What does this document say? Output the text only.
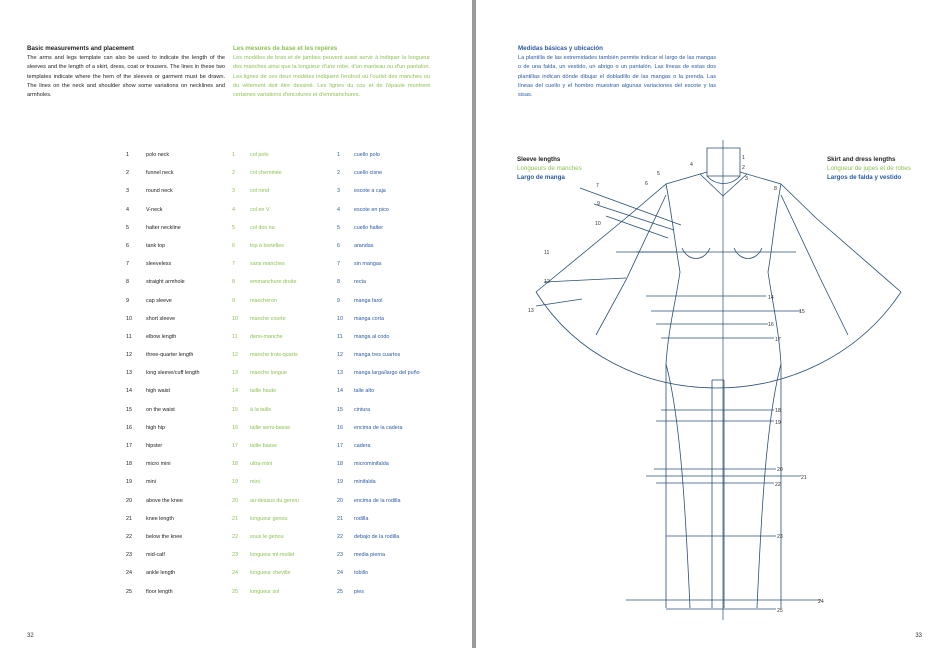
Basic measurements and placement
The arms and legs template can also be used to indicate the length of the sleeves and the length of a skirt, dress, coat or trousers. The lines in these two templates indicate where the hem of the sleeves or garment must be drawn. The lines on the neck and shoulder show some variations on necklines and armholes.
Les mesures de base et les repères
Les modèles de bras et de jambes peuvent aussi servir à indiquer la longueur des manches ainsi que la longueur d'une robe, d'un manteau ou d'un pantalon. Les lignes de ces deux modèles indiquent l'endroit où l'ourlet des manches ou du vêtement doit être dessiné. Les lignes du cou et de l'épaule montrent certaines variations d'encolures et d'emmanchures.
1	polo neck	1	col polo	1	cuello polo
2	funnel neck	2	col cheminée	2	cuello cisne
3	round neck	3	col rond	3	escote a caja
4	V-neck	4	col en V	4	escote en pico
5	halter neckline	5	col dos nu	5	cuello halter
6	tank top	6	top à bretelles	6	arandas
7	sleeveless	7	sans manches	7	sin mangas
8	straight armhole	8	emmanchure droite	8	recta
9	cap sleeve	9	mancheron	9	manga farol
10	short sleeve	10 manche courte	10 manga corta
11	elbow length	11 demi-manche	11 manga al codo
12	three-quarter length	12 manche trois-quarts	12 manga tres cuartos
13	long sleeve/cuff length	13 manche longue	13 manga larga/largo del puño
14	high waist	14 taille haute	14 talle alto
15	on the waist	15 à la taille	15 cintura
16	high hip	16 taille semi-basse	16 encima de la cadera
17	hipster	17 taille basse	17 cadera
18	micro mini	18 ultra-mini	18 microminifalda
19	mini	19 mini	19 minifalda
20	above the knee	20 au-dessus du genou	20 encima de la rodilla
21	knee length	21 longueur genou	21 rodilla
22	below the knee	22 sous le genou	22 debajo de la rodilla
23	mid-calf	23 longueur mi-mollet	23 media pierna
24	ankle length	24 longueur cheville	24 tobillo
25	floor length	25 longueur sol	25 pies
32
Medidas básicas y ubicación
La plantilla de las extremidades también permite indicar el largo de las mangas o de una falda, un vestido, un abrigo o un pantalón. Las líneas de estas dos plantillas indican dónde dibujar el dobladillo de las mangas o la prenda. Las líneas del cuello y el hombro muestran algunas variaciones del escote y las sisas.
Sleeve lengths
Longueurs de manches
Largo de manga
Skirt and dress lengths
Longueur de jupes et de robes
Largos de falda y vestido
1
2
3
4
5
6
7	8
9
10
11
12
13
14
15
16
17
18
19
20
21
22
23
24
25
33
